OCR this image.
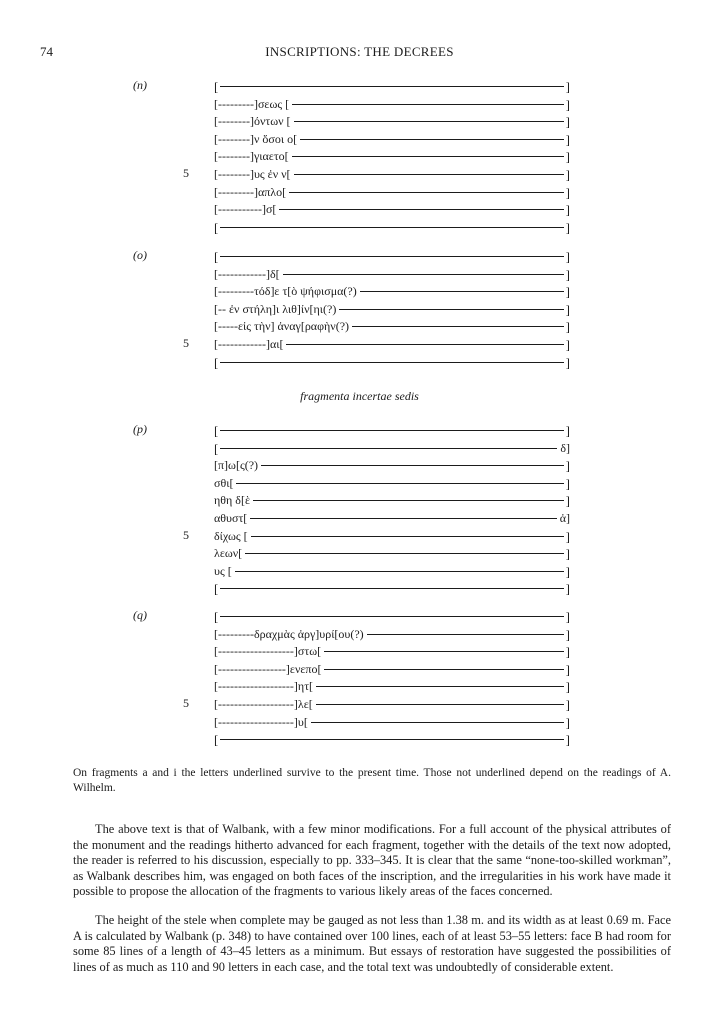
74	INSCRIPTIONS: THE DECREES
(n)	[	]
[---------]σεως [	]
[--------]όντων [	]
[--------]ν ὅσοι ο[	]
[--------]γιαετο[	]
5 [--------]υς ἐν ν[	]
[---------]απλο[	]
[-----------]σ[	]
[	]
(o)	[	]
[------------]δ[	]
[---------τόδ]ε τ[ὸ ψήφισμα(?)	]
[-- ἐν στήλη]ι λιθ]ίν[ηι(?)	]
[-----εἰς τὴν] ἀναγ[ραφὴν(?)	]
5 [------------]αι[	]
[	]
(p)	[	]
[	δ]
[π]ω[ς(?)	]
σθι[	]
ηθη δ[ὲ	]
αθυστ[	ἀ]
5 δίχως [	]
λεων[	]
υς [	]
[	]
(q)	[	]
[---------δραχμὰς ἀργ]υρί[ου(?)	]
[-------------------]στω[	]
[-----------------]ενεπο[	]
[-------------------]ητ[	]
5 [-------------------]λε[	]
[-------------------]υ[	]
[	]
fragmenta incertae sedis
On fragments a and i the letters underlined survive to the present time. Those not underlined depend on the readings of A. Wilhelm.
The above text is that of Walbank, with a few minor modifications. For a full account of the physical attributes of the monument and the readings hitherto advanced for each fragment, together with the details of the text now adopted, the reader is referred to his discussion, especially to pp. 333–345. It is clear that the same “none-too-skilled workman”, as Walbank describes him, was engaged on both faces of the inscription, and the irregularities in his work have made it possible to propose the allocation of the fragments to various likely areas of the faces concerned.
The height of the stele when complete may be gauged as not less than 1.38 m. and its width as at least 0.69 m. Face A is calculated by Walbank (p. 348) to have contained over 100 lines, each of at least 53–55 letters: face B had room for some 85 lines of a length of 43–45 letters as a minimum. But essays of restoration have suggested the possibilities of lines of as much as 110 and 90 letters in each case, and the total text was undoubtedly of considerable extent.
